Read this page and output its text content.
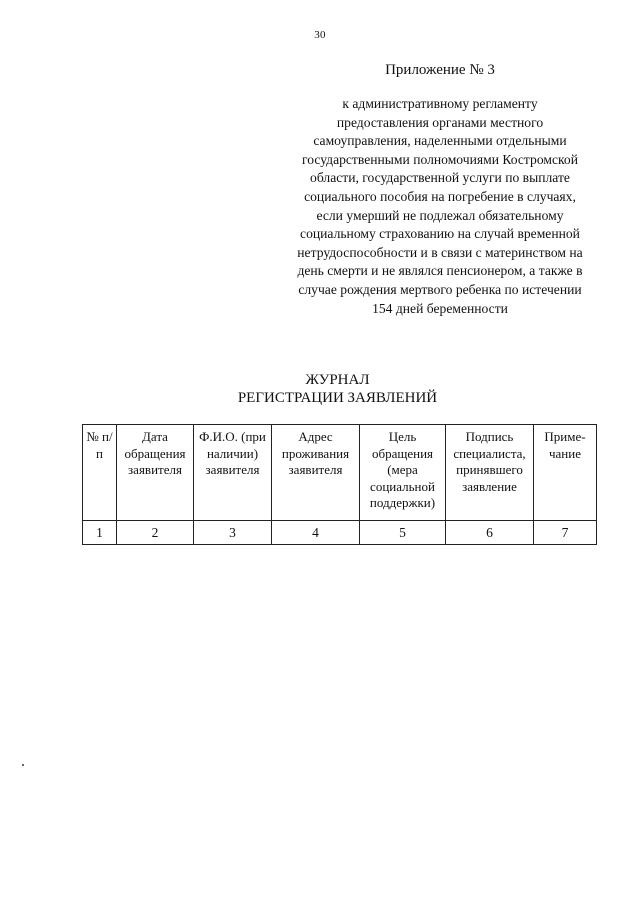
30
Приложение № 3

к административному регламенту предоставления органами местного самоуправления, наделенными отдельными государственными полномочиями Костромской области, государственной услуги по выплате социального пособия на погребение в случаях, если умерший не подлежал обязательному социальному страхованию на случай временной нетрудоспособности и в связи с материнством на день смерти и не являлся пенсионером, а также в случае рождения мертвого ребенка по истечении 154 дней беременности

ЖУРНАЛ
РЕГИСТРАЦИИ ЗАЯВЛЕНИЙ
№ п/п	Дата обращения заявителя	Ф.И.О. (при наличии) заявителя	Адрес проживания заявителя	Цель обращения (мера социальной поддержки)	Подпись специалиста, принявшего заявление	Приме-чание
1	2	3	4	5	6	7
